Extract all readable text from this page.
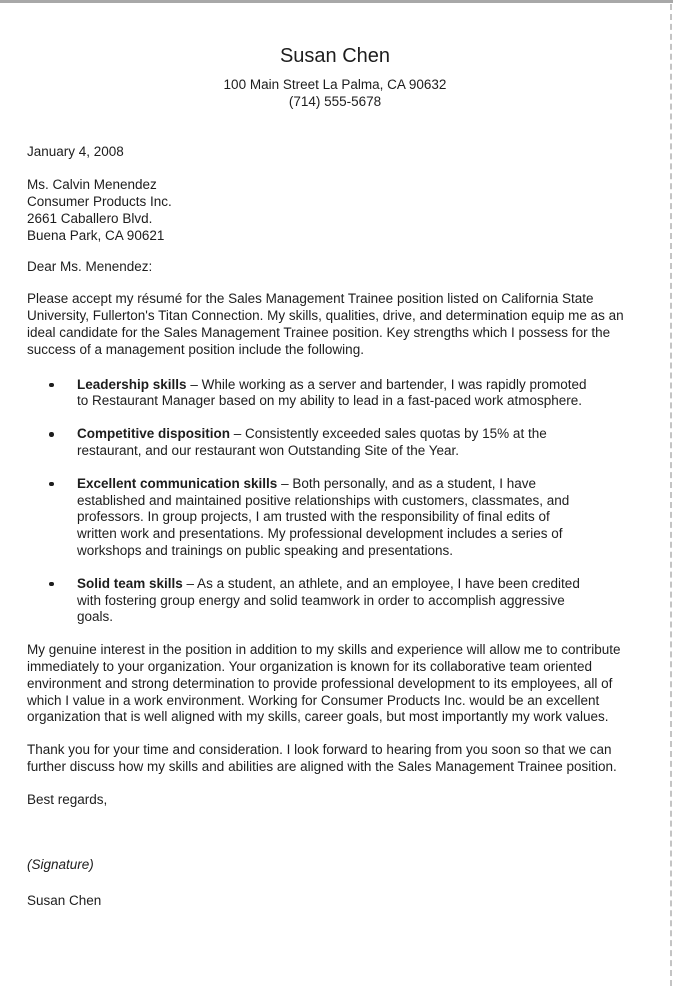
Susan Chen
100 Main Street La Palma, CA 90632
(714) 555-5678
January 4, 2008
Ms. Calvin Menendez
Consumer Products Inc.
2661 Caballero Blvd.
Buena Park, CA 90621
Dear Ms. Menendez:

Please accept my résumé for the Sales Management Trainee position listed on California State University, Fullerton's Titan Connection. My skills, qualities, drive, and determination equip me as an ideal candidate for the Sales Management Trainee position. Key strengths which I possess for the success of a management position include the following.

Leadership skills – While working as a server and bartender, I was rapidly promoted to Restaurant Manager based on my ability to lead in a fast-paced work atmosphere.
Competitive disposition – Consistently exceeded sales quotas by 15% at the restaurant, and our restaurant won Outstanding Site of the Year.
Excellent communication skills – Both personally, and as a student, I have established and maintained positive relationships with customers, classmates, and professors. In group projects, I am trusted with the responsibility of final edits of written work and presentations. My professional development includes a series of workshops and trainings on public speaking and presentations.
Solid team skills – As a student, an athlete, and an employee, I have been credited with fostering group energy and solid teamwork in order to accomplish aggressive goals.

My genuine interest in the position in addition to my skills and experience will allow me to contribute immediately to your organization. Your organization is known for its collaborative team oriented environment and strong determination to provide professional development to its employees, all of which I value in a work environment. Working for Consumer Products Inc. would be an excellent organization that is well aligned with my skills, career goals, but most importantly my work values.

Thank you for your time and consideration. I look forward to hearing from you soon so that we can further discuss how my skills and abilities are aligned with the Sales Management Trainee position.

Best regards,
(Signature)
Susan Chen
